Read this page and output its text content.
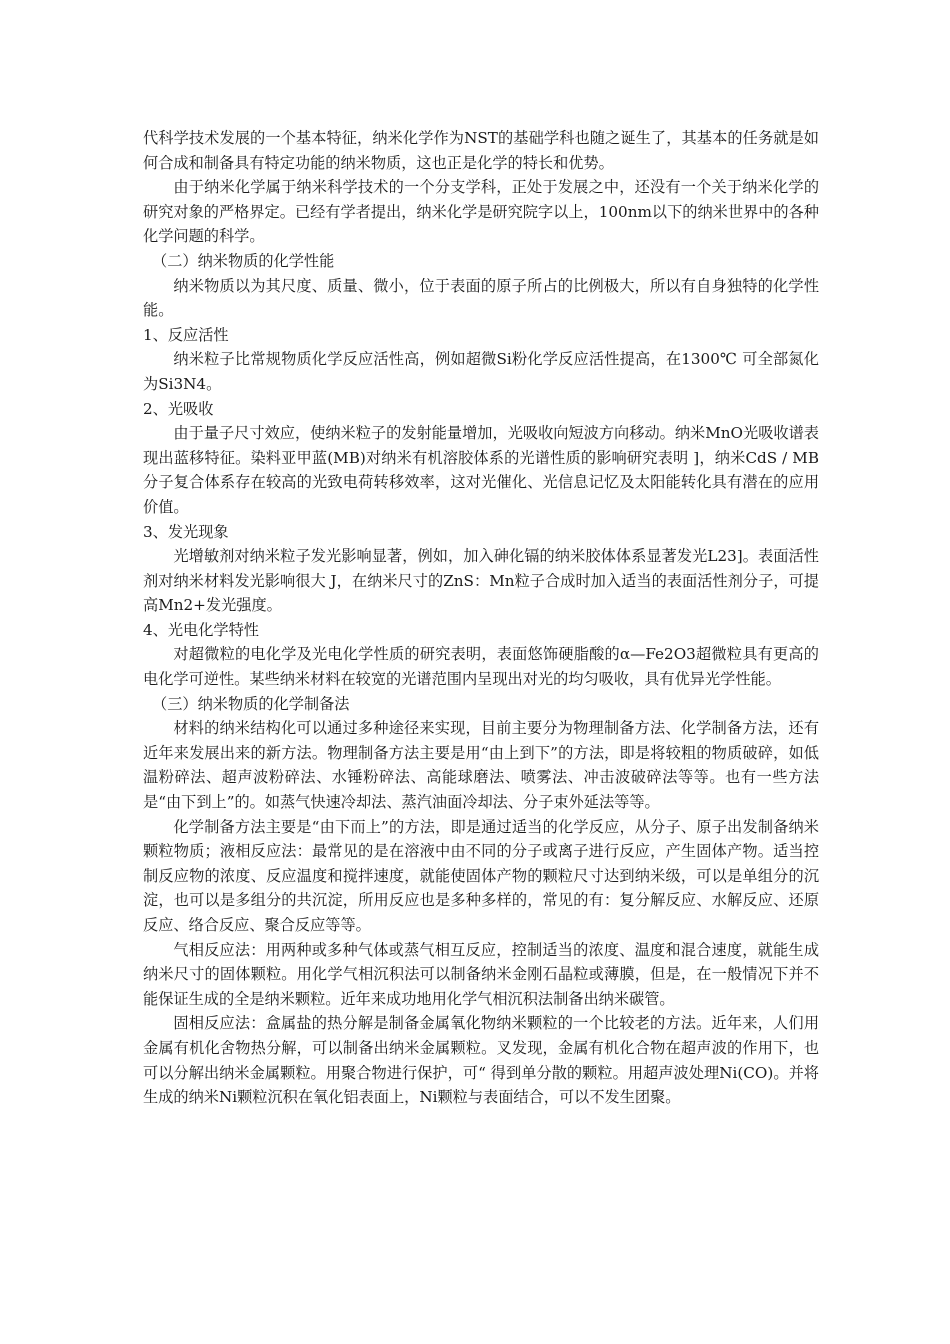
代科学技术发展的一个基本特征，纳米化学作为NST的基础学科也随之诞生了，其基本的任务就是如何合成和制备具有特定功能的纳米物质，这也正是化学的特长和优势。

由于纳米化学属于纳米科学技术的一个分支学科，正处于发展之中，还没有一个关于纳米化学的研究对象的严格界定。已经有学者提出，纳米化学是研究院字以上，100nm以下的纳米世界中的各种化学问题的科学。

（二）纳米物质的化学性能

纳米物质以为其尺度、质量、微小，位于表面的原子所占的比例极大，所以有自身独特的化学性能。

1、反应活性

纳米粒子比常规物质化学反应活性高，例如超微Si粉化学反应活性提高，在1300℃ 可全部氮化为Si3N4。

2、光吸收

由于量子尺寸效应，使纳米粒子的发射能量增加，光吸收向短波方向移动。纳米MnO光吸收谱表现出蓝移特征。染料亚甲蓝(MB)对纳米有机溶胶体系的光谱性质的影响研究表明 ]，纳米CdS / MB分子复合体系存在较高的光致电荷转移效率，这对光催化、光信息记忆及太阳能转化具有潜在的应用价值。

3、发光现象

光增敏剂对纳米粒子发光影响显著，例如，加入砷化镉的纳米胶体体系显著发光L23]。表面活性剂对纳米材料发光影响很大 J，在纳米尺寸的ZnS：Mn粒子合成时加入适当的表面活性剂分子，可提高Mn2+发光强度。

4、光电化学特性

对超微粒的电化学及光电化学性质的研究表明，表面悠饰硬脂酸的α—Fe2O3超微粒具有更高的电化学可逆性。某些纳米材料在较宽的光谱范围内呈现出对光的均匀吸收，具有优异光学性能。

（三）纳米物质的化学制备法

材料的纳米结构化可以通过多种途径来实现，目前主要分为物理制备方法、化学制备方法，还有近年来发展出来的新方法。物理制备方法主要是用“由上到下”的方法，即是将较粗的物质破碎，如低温粉碎法、超声波粉碎法、水锤粉碎法、高能球磨法、喷雾法、冲击波破碎法等等。也有一些方法是“由下到上”的。如蒸气快速冷却法、蒸汽油面冷却法、分子束外延法等等。

化学制备方法主要是“由下而上”的方法，即是通过适当的化学反应，从分子、原子出发制备纳米颗粒物质；液相反应法：最常见的是在溶液中由不同的分子或离子进行反应，产生固体产物。适当控制反应物的浓度、反应温度和搅拌速度，就能使固体产物的颗粒尺寸达到纳米级，可以是单组分的沉淀，也可以是多组分的共沉淀，所用反应也是多种多样的，常见的有：复分解反应、水解反应、还原反应、络合反应、聚合反应等等。

气相反应法：用两种或多种气体或蒸气相互反应，控制适当的浓度、温度和混合速度，就能生成纳米尺寸的固体颗粒。用化学气相沉积法可以制备纳米金刚石晶粒或薄膜，但是，在一般情况下并不能保证生成的全是纳米颗粒。近年来成功地用化学气相沉积法制备出纳米碳管。

固相反应法：盒属盐的热分解是制备金属氧化物纳米颗粒的一个比较老的方法。近年来，人们用金属有机化舍物热分解，可以制备出纳米金属颗粒。叉发现，金属有机化合物在超声波的作用下，也可以分解出纳米金属颗粒。用聚合物进行保护，可“ 得到单分散的颗粒。用超声波处理Ni(CO)。并将生成的纳米Ni颗粒沉积在氧化铝表面上，Ni颗粒与表面结合，可以不发生团聚。
